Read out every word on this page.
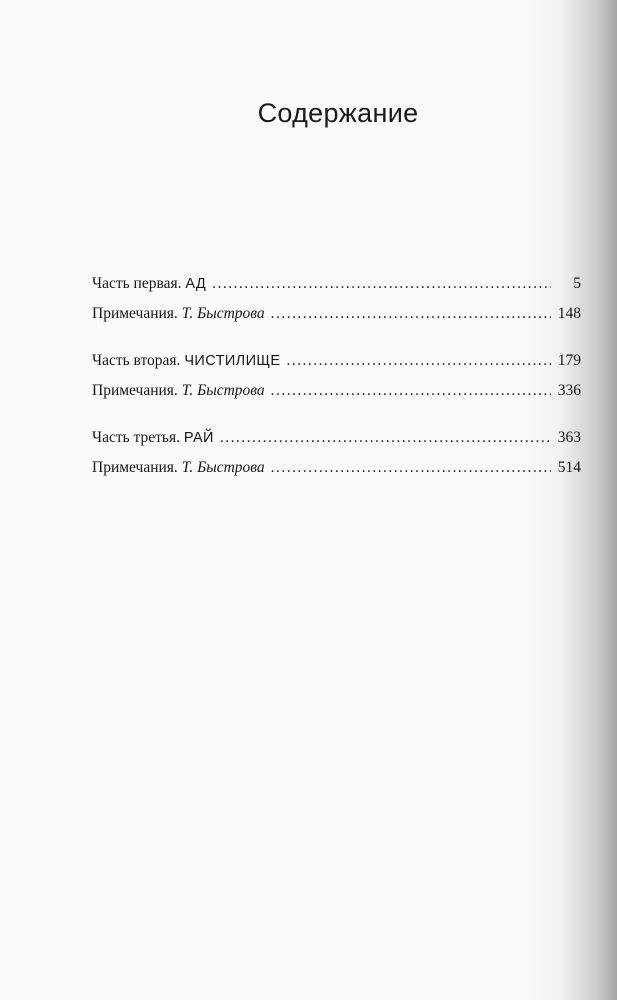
Содержание
Часть первая. АД . . .	5
Примечания. Т. Быстрова . . .	148
Часть вторая. ЧИСТИЛИЩЕ . . .	179
Примечания. Т. Быстрова . . .	336
Часть третья. РАЙ . . .	363
Примечания. Т. Быстрова . . .	514
